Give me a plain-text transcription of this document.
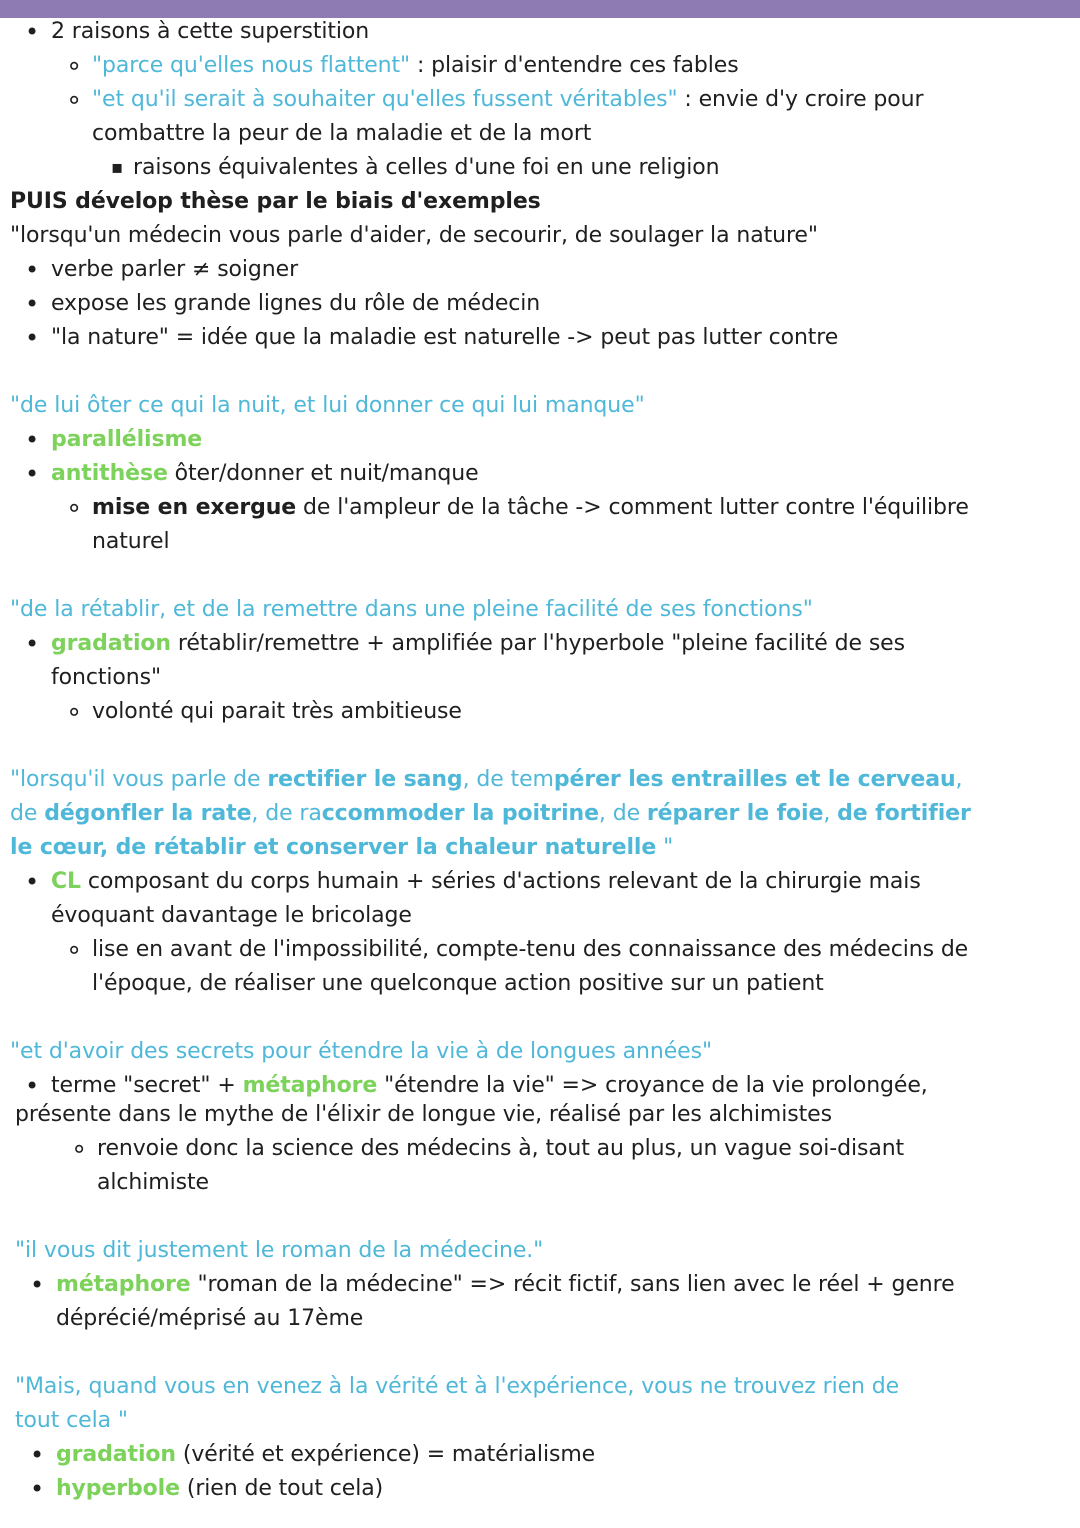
• 2 raisons à cette superstition
∘ "parce qu'elles nous flattent" : plaisir d'entendre ces fables
∘ "et qu'il serait à souhaiter qu'elles fussent véritables" : envie d'y croire pour
combattre la peur de la maladie et de la mort
▪ raisons équivalentes à celles d'une foi en une religion
PUIS dévelop thèse par le biais d'exemples
"lorsqu'un médecin vous parle d'aider, de secourir, de soulager la nature"
• verbe parler ≠ soigner
• expose les grande lignes du rôle de médecin
• "la nature" = idée que la maladie est naturelle -> peut pas lutter contre
"de lui ôter ce qui la nuit, et lui donner ce qui lui manque"
• parallélisme
• antithèse ôter/donner et nuit/manque
∘ mise en exergue de l'ampleur de la tâche -> comment lutter contre l'équilibre
naturel
"de la rétablir, et de la remettre dans une pleine facilité de ses fonctions"
• gradation rétablir/remettre + amplifiée par l'hyperbole "pleine facilité de ses
fonctions"
∘ volonté qui parait très ambitieuse
"lorsqu'il vous parle de rectifier le sang, de tempérer les entrailles et le cerveau,
de dégonfler la rate, de raccommoder la poitrine, de réparer le foie, de fortifier
le cœur, de rétablir et conserver la chaleur naturelle "
• CL composant du corps humain + séries d'actions relevant de la chirurgie mais
évoquant davantage le bricolage
∘ lise en avant de l'impossibilité, compte-tenu des connaissance des médecins de
l'époque, de réaliser une quelconque action positive sur un patient
"et d'avoir des secrets pour étendre la vie à de longues années"
• terme "secret" + métaphore "étendre la vie" => croyance de la vie prolongée,
présente dans le mythe de l'élixir de longue vie, réalisé par les alchimistes
∘ renvoie donc la science des médecins à, tout au plus, un vague soi-disant
alchimiste
"il vous dit justement le roman de la médecine."
• métaphore "roman de la médecine" => récit fictif, sans lien avec le réel + genre
déprécié/méprisé au 17ème
"Mais, quand vous en venez à la vérité et à l'expérience, vous ne trouvez rien de
tout cela "
• gradation (vérité et expérience) = matérialisme
• hyperbole (rien de tout cela)
